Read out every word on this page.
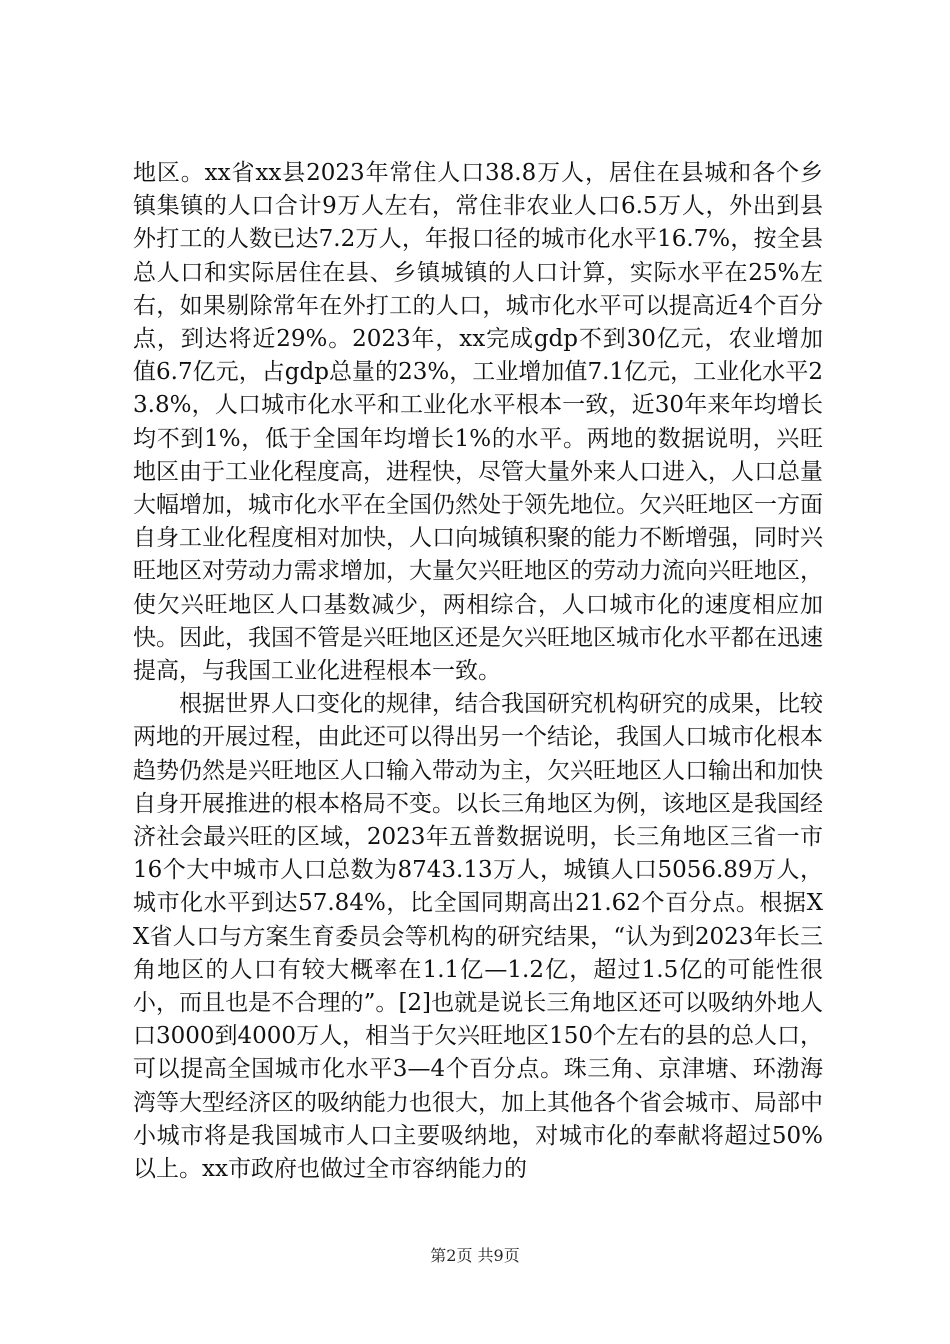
地区。xx省xx县2023年常住人口38.8万人，居住在县城和各个乡镇集镇的人口合计9万人左右，常住非农业人口6.5万人，外出到县外打工的人数已达7.2万人，年报口径的城市化水平16.7%，按全县总人口和实际居住在县、乡镇城镇的人口计算，实际水平在25%左右，如果剔除常年在外打工的人口，城市化水平可以提高近4个百分点，到达将近29%。2023年，xx完成gdp不到30亿元，农业增加值6.7亿元，占gdp总量的23%，工业增加值7.1亿元，工业化水平23.8%，人口城市化水平和工业化水平根本一致，近30年来年均增长均不到1%，低于全国年均增长1%的水平。两地的数据说明，兴旺地区由于工业化程度高，进程快，尽管大量外来人口进入，人口总量大幅增加，城市化水平在全国仍然处于领先地位。欠兴旺地区一方面自身工业化程度相对加快，人口向城镇积聚的能力不断增强，同时兴旺地区对劳动力需求增加，大量欠兴旺地区的劳动力流向兴旺地区，使欠兴旺地区人口基数减少，两相综合，人口城市化的速度相应加快。因此，我国不管是兴旺地区还是欠兴旺地区城市化水平都在迅速提高，与我国工业化进程根本一致。

根据世界人口变化的规律，结合我国研究机构研究的成果，比较两地的开展过程，由此还可以得出另一个结论，我国人口城市化根本趋势仍然是兴旺地区人口输入带动为主，欠兴旺地区人口输出和加快自身开展推进的根本格局不变。以长三角地区为例，该地区是我国经济社会最兴旺的区域，2023年五普数据说明，长三角地区三省一市16个大中城市人口总数为8743.13万人，城镇人口5056.89万人，城市化水平到达57.84%，比全国同期高出21.62个百分点。根据XX省人口与方案生育委员会等机构的研究结果，“认为到2023年长三角地区的人口有较大概率在1.1亿—1.2亿，超过1.5亿的可能性很小，而且也是不合理的”。[2]也就是说长三角地区还可以吸纳外地人口3000到4000万人，相当于欠兴旺地区150个左右的县的总人口，可以提高全国城市化水平3—4个百分点。珠三角、京津塘、环渤海湾等大型经济区的吸纳能力也很大，加上其他各个省会城市、局部中小城市将是我国城市人口主要吸纳地，对城市化的奉献将超过50%以上。xx市政府也做过全市容纳能力的

第2页 共9页
